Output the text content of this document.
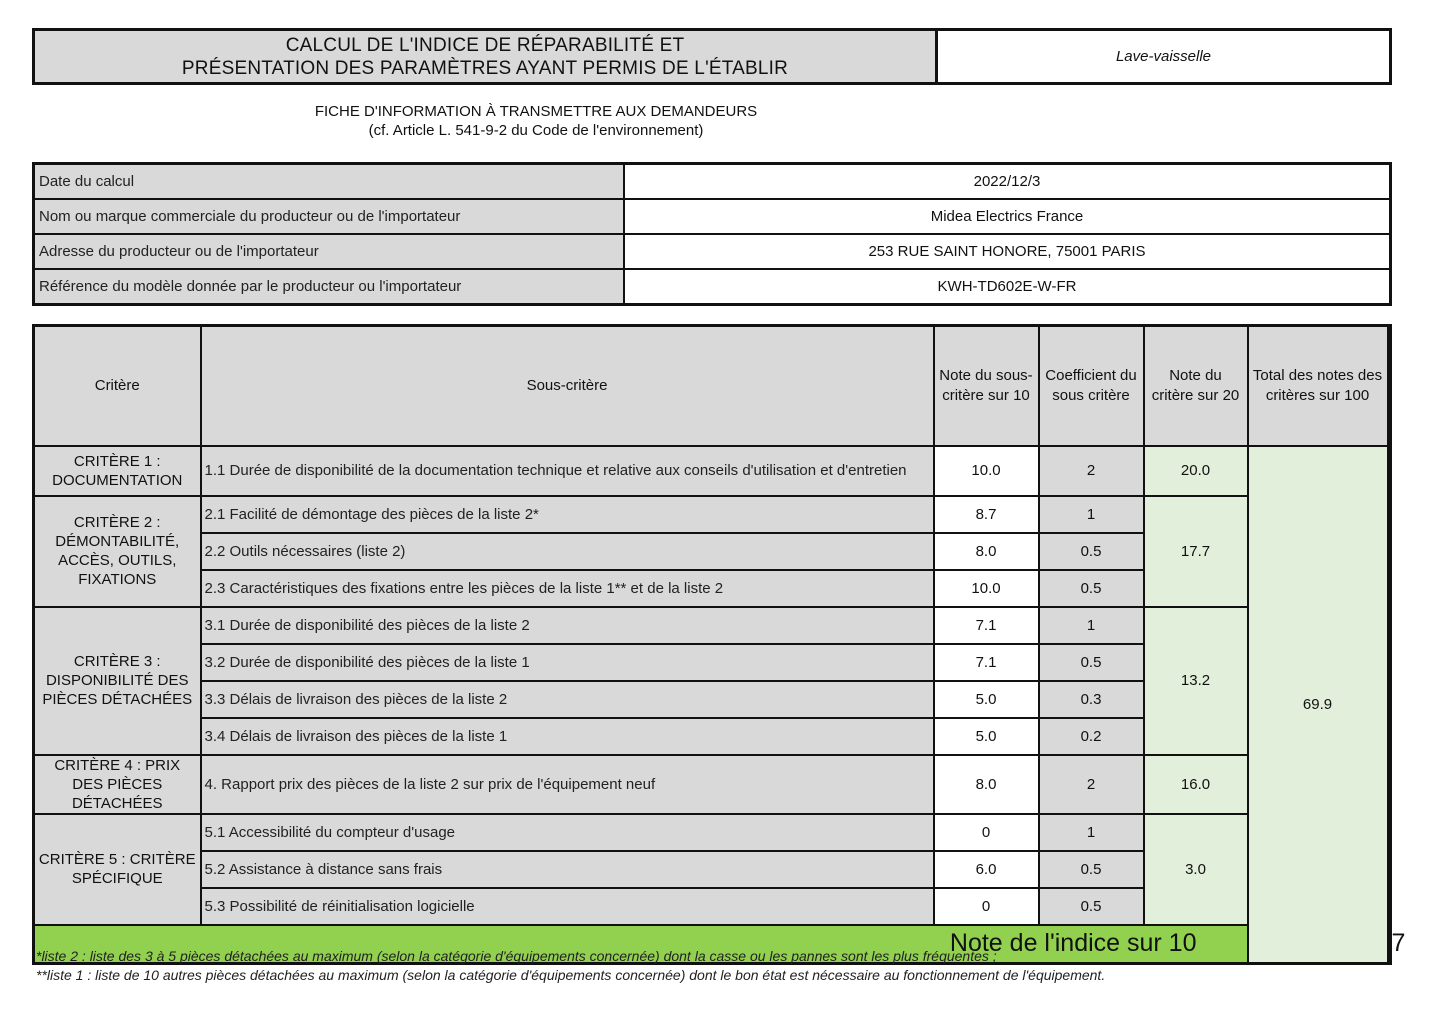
CALCUL DE L'INDICE DE RÉPARABILITÉ ET
PRÉSENTATION DES PARAMÈTRES AYANT PERMIS DE L'ÉTABLIR
Lave-vaisselle
FICHE D'INFORMATION À TRANSMETTRE AUX DEMANDEURS
(cf. Article L. 541-9-2 du Code de l'environnement)
Date du calcul	2022/12/3
Nom ou marque commerciale du producteur ou de l'importateur	Midea Electrics France
Adresse du producteur ou de l'importateur	253 RUE SAINT HONORE, 75001 PARIS
Référence du modèle donnée par le producteur ou l'importateur	KWH-TD602E-W-FR
Critère	Sous-critère	Note du sous-critère sur 10	Coefficient du sous critère	Note du critère sur 20	Total des notes des critères sur 100	
CRITÈRE 1 : DOCUMENTATION	1.1 Durée de disponibilité de la documentation technique et relative aux conseils d'utilisation et d'entretien	10.0	2	20.0	69.9	
CRITÈRE 2 : DÉMONTABILITÉ, ACCÈS, OUTILS, FIXATIONS	2.1 Facilité de démontage des pièces de la liste 2*	8.7	1	17.7		
	2.2 Outils nécessaires (liste 2)	8.0	0.5			
	2.3 Caractéristiques des fixations entre les pièces de la liste 1** et de la liste 2	10.0	0.5			
CRITÈRE 3 : DISPONIBILITÉ DES PIÈCES DÉTACHÉES	3.1 Durée de disponibilité des pièces de la liste 2	7.1	1	13.2		
	3.2 Durée de disponibilité des pièces de la liste 1	7.1	0.5			
	3.3 Délais de livraison des pièces de la liste 2	5.0	0.3			
	3.4 Délais de livraison des pièces de la liste 1	5.0	0.2			
CRITÈRE 4 : PRIX DES PIÈCES DÉTACHÉES	4. Rapport prix des pièces de la liste 2 sur prix de l'équipement neuf	8.0	2	16.0		
CRITÈRE 5 : CRITÈRE SPÉCIFIQUE	5.1 Accessibilité du compteur d'usage	0	1	3.0		
	5.2 Assistance à distance sans frais	6.0	0.5			
	5.3 Possibilité de réinitialisation logicielle	0	0.5			
Note de l'indice sur 10						7
*liste 2 : liste des 3 à 5 pièces détachées au maximum (selon la catégorie d'équipements concernée) dont la casse ou les pannes sont les plus fréquentes ;
**liste 1 : liste de 10 autres pièces détachées au maximum (selon la catégorie d'équipements concernée) dont le bon état est nécessaire au fonctionnement de l'équipement.
